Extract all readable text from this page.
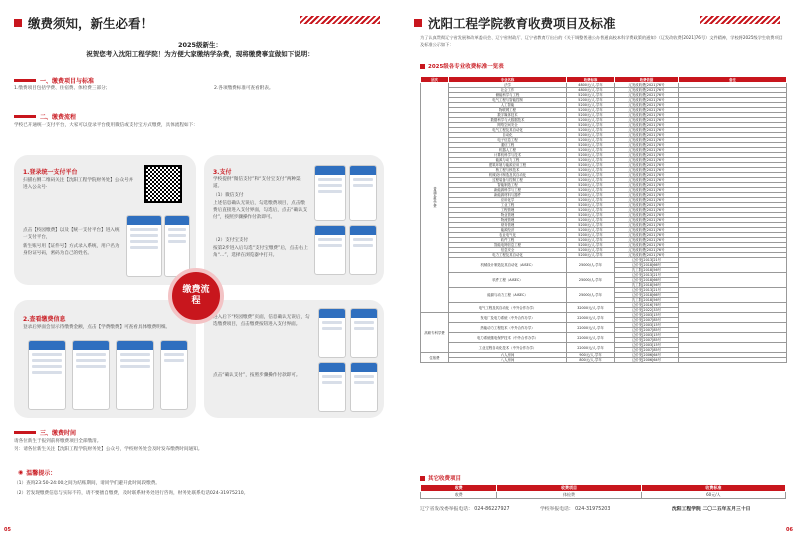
缴费须知，新生必看！
2025级新生：
祝贺您考入沈阳工程学院！为方便大家缴纳学杂费，现将缴费事宜做如下说明：
一、缴费项目与标准
1.缴费项目包括学费、住宿费、体检费三部分；	2.各项缴费标准可查看附表。
二、缴费流程
学校已开通统一支付平台，大家可以登录平台使用微信或支付宝方式缴费，具体流程如下：
1.登录统一支付平台
扫描右侧二维码关注【沈阳工程学院财务处】公众号并进入公众号·
点击【校园缴费】以及【统一支付平台】进入统一支付平台，
新生账号用【证件号】方式录入系统，用户名为身份证号码，密码为自己的姓名。
3.支付
学校提供“微信支付”和“支付宝支付”两种渠道。
（1）微信支付
上述信息确认无误后，勾选缴费项目，点击缴费后直接进入支付界面，勾选后，点击“确认支付”，按照步骤操作付款即可。
（2）支付宝支付
按第2步进入后勾选“支付宝缴费”后，点击右上角“...”，选择在浏览器中打开。
2.查看缴费信息
登录后界面会显示待缴费金额，点击【学费缴费】可查看具体缴费明细。
进入后下“校园缴费”页面，信息确认无误后，勾选缴费项目，点击缴费按钮进入支付界面。
点击“确认支付”，按照步骤操作付款即可。
缴费流程
三、缴费时间
请各位新生于报到前将缴费项目全部缴清。
另：请各位新生关注【沈阳工程学院财务处】公众号，学校财务处会及时发布缴费时间通知。
◉ 温馨提示：
（1）查询23:50-24:00之间为结账期间，请同学们避开此时间段缴费。
（2）若发现缴费信息与实际不符，请不要擅自缴费，及时联系财务处进行咨询，财务处联系电话024-31975210。
05
沈阳工程学院教育收费项目及标准
为了认真贯彻辽宁省发展和改革委员会、辽宁省财政厅、辽宁省教育厅出台的《关于调整普通公办普通高校本科学费政策的通知》（辽发改收费[2021]76号）文件精神，学校将2025级学生收费项目及标准公示如下：
2025级各专业收费标准一览表
层次	专业名称	收费标准	收费依据	备注
普通本科学费	法学	4800元/人.学年	辽发改收费[2021]76号	
	社会工作	4800元/人.学年	辽发改收费[2021]76号	
	储能科学与工程	5200元/人.学年	辽发改收费[2021]76号	
	电气工程与智能控制	5200元/人.学年	辽发改收费[2021]76号	
	人工智能	5200元/人.学年	辽发改收费[2021]76号	
	物联网工程	5200元/人.学年	辽发改收费[2021]76号	
	数字媒体技术	5200元/人.学年	辽发改收费[2021]76号	
	数据科学与大数据技术	5200元/人.学年	辽发改收费[2021]76号	
	网络空间安全	5200元/人.学年	辽发改收费[2021]76号	
	电气工程及其自动化	5200元/人.学年	辽发改收费[2021]76号	
	自动化	5200元/人.学年	辽发改收费[2021]76号	
	电子信息工程	5200元/人.学年	辽发改收费[2021]76号	
	通信工程	5200元/人.学年	辽发改收费[2021]76号	
	机器人工程	5200元/人.学年	辽发改收费[2021]76号	
	计算机科学与技术	5200元/人.学年	辽发改收费[2021]76号	
	能源与动力工程	5200元/人.学年	辽发改收费[2021]76号	
	建筑环境与能源应用工程	5200元/人.学年	辽发改收费[2021]76号	
	核工程与核技术	5200元/人.学年	辽发改收费[2021]76号	
	机械设计制造及其自动化	5200元/人.学年	辽发改收费[2021]76号	
	过程装备与控制工程	5200元/人.学年	辽发改收费[2021]76号	
	智能制造工程	5200元/人.学年	辽发改收费[2021]76号	
	新能源科学与工程	5200元/人.学年	辽发改收费[2021]76号	
	新能源材料与器件	5200元/人.学年	辽发改收费[2021]76号	
	应用化学	5200元/人.学年	辽发改收费[2021]76号	
	工业工程	5200元/人.学年	辽发改收费[2021]76号	
	工程管理	5200元/人.学年	辽发改收费[2021]76号	
	物业管理	5200元/人.学年	辽发改收费[2021]76号	
	物流管理	5200元/人.学年	辽发改收费[2021]76号	
	财务管理	5200元/人.学年	辽发改收费[2021]76号	
	能源经济	5200元/人.学年	辽发改收费[2021]76号	
	农业电气化	5200元/人.学年	辽发改收费[2021]76号	
	软件工程	5200元/人.学年	辽发改收费[2021]76号	
	智能电网信息工程	5200元/人.学年	辽发改收费[2021]76号	
	信息安全	5200元/人.学年	辽发改收费[2021]76号	
	电力工程及其自动化	5200元/人.学年	辽发改收费[2021]76号	
	机械设计制造及其自动化（AISEC）	25000/人.学年	辽价发[2013]21号	
			辽价发[2018]66号	
			沈工院[2018]56号	
	软件工程（AISEC）	25000/人.学年	辽价发[2013]21号	
			辽价发[2018]66号	
			沈工院[2018]56号	
	能源与动力工程（AISEC）	25000/人.学年	辽价发[2013]21号	
			辽价发[2018]66号	
			沈工院[2018]56号	
	电气工程及其自动化（中外合作办学）	32000元/人.学年	辽价发[2016]76号	
			辽价发[2022]33号	
高职专科学费	发电厂及电力系统（中外合作办学）	22000元/人.学年	辽价发[2003]15号	
			辽价发[2007]85号	
	热能动力工程技术（中外合作办学）	22000元/人.学年	辽价发[2003]15号	
			辽价发[2007]85号	
	电力系统继电保护技术（中外合作办学）	22000元/人.学年	辽价发[2003]15号	
			辽价发[2007]85号	
	工业过程自动化技术（中外合作办学）	22000元/人.学年	辽价发[2003]15号	
			辽价发[2007]85号	
住宿费	六人房间	900元/人.学年	辽价发[2006]64号	
	八人房间	800元/人.学年	辽价发[2006]64号	
其它收费项目
收费	收费项目	收费标准
收费	体检费	60元/人
辽宁省发改委举报电话： 024-86227927	学校举报电话： 024-31975203	沈阳工程学院 二〇二五年五月三十日
06
